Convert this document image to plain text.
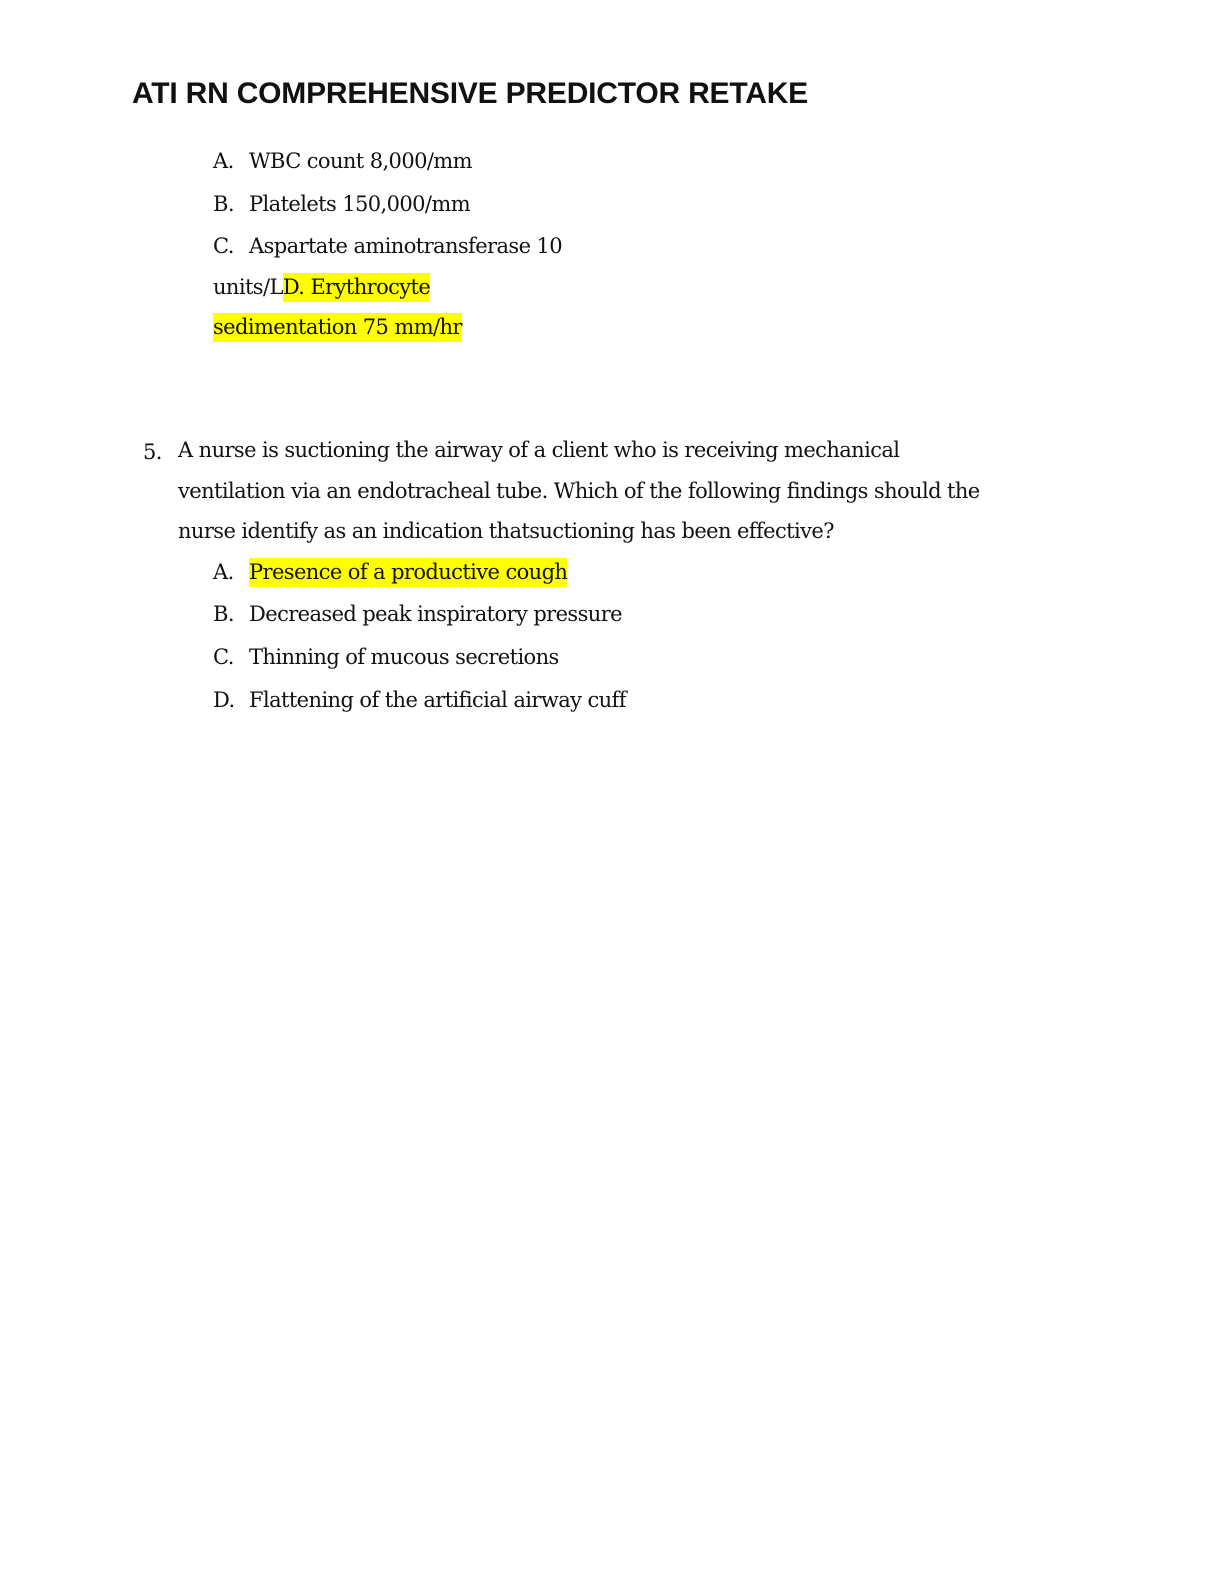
ATI RN COMPREHENSIVE PREDICTOR RETAKE
A. WBC count 8,000/mm
B. Platelets 150,000/mm
C. Aspartate aminotransferase 10
units/LD. Erythrocyte
sedimentation 75 mm/hr
5. A nurse is suctioning the airway of a client who is receiving mechanical
ventilation via an endotracheal tube. Which of the following findings should the
nurse identify as an indication thatsuctioning has been effective?
A. Presence of a productive cough
B. Decreased peak inspiratory pressure
C. Thinning of mucous secretions
D. Flattening of the artificial airway cuff
